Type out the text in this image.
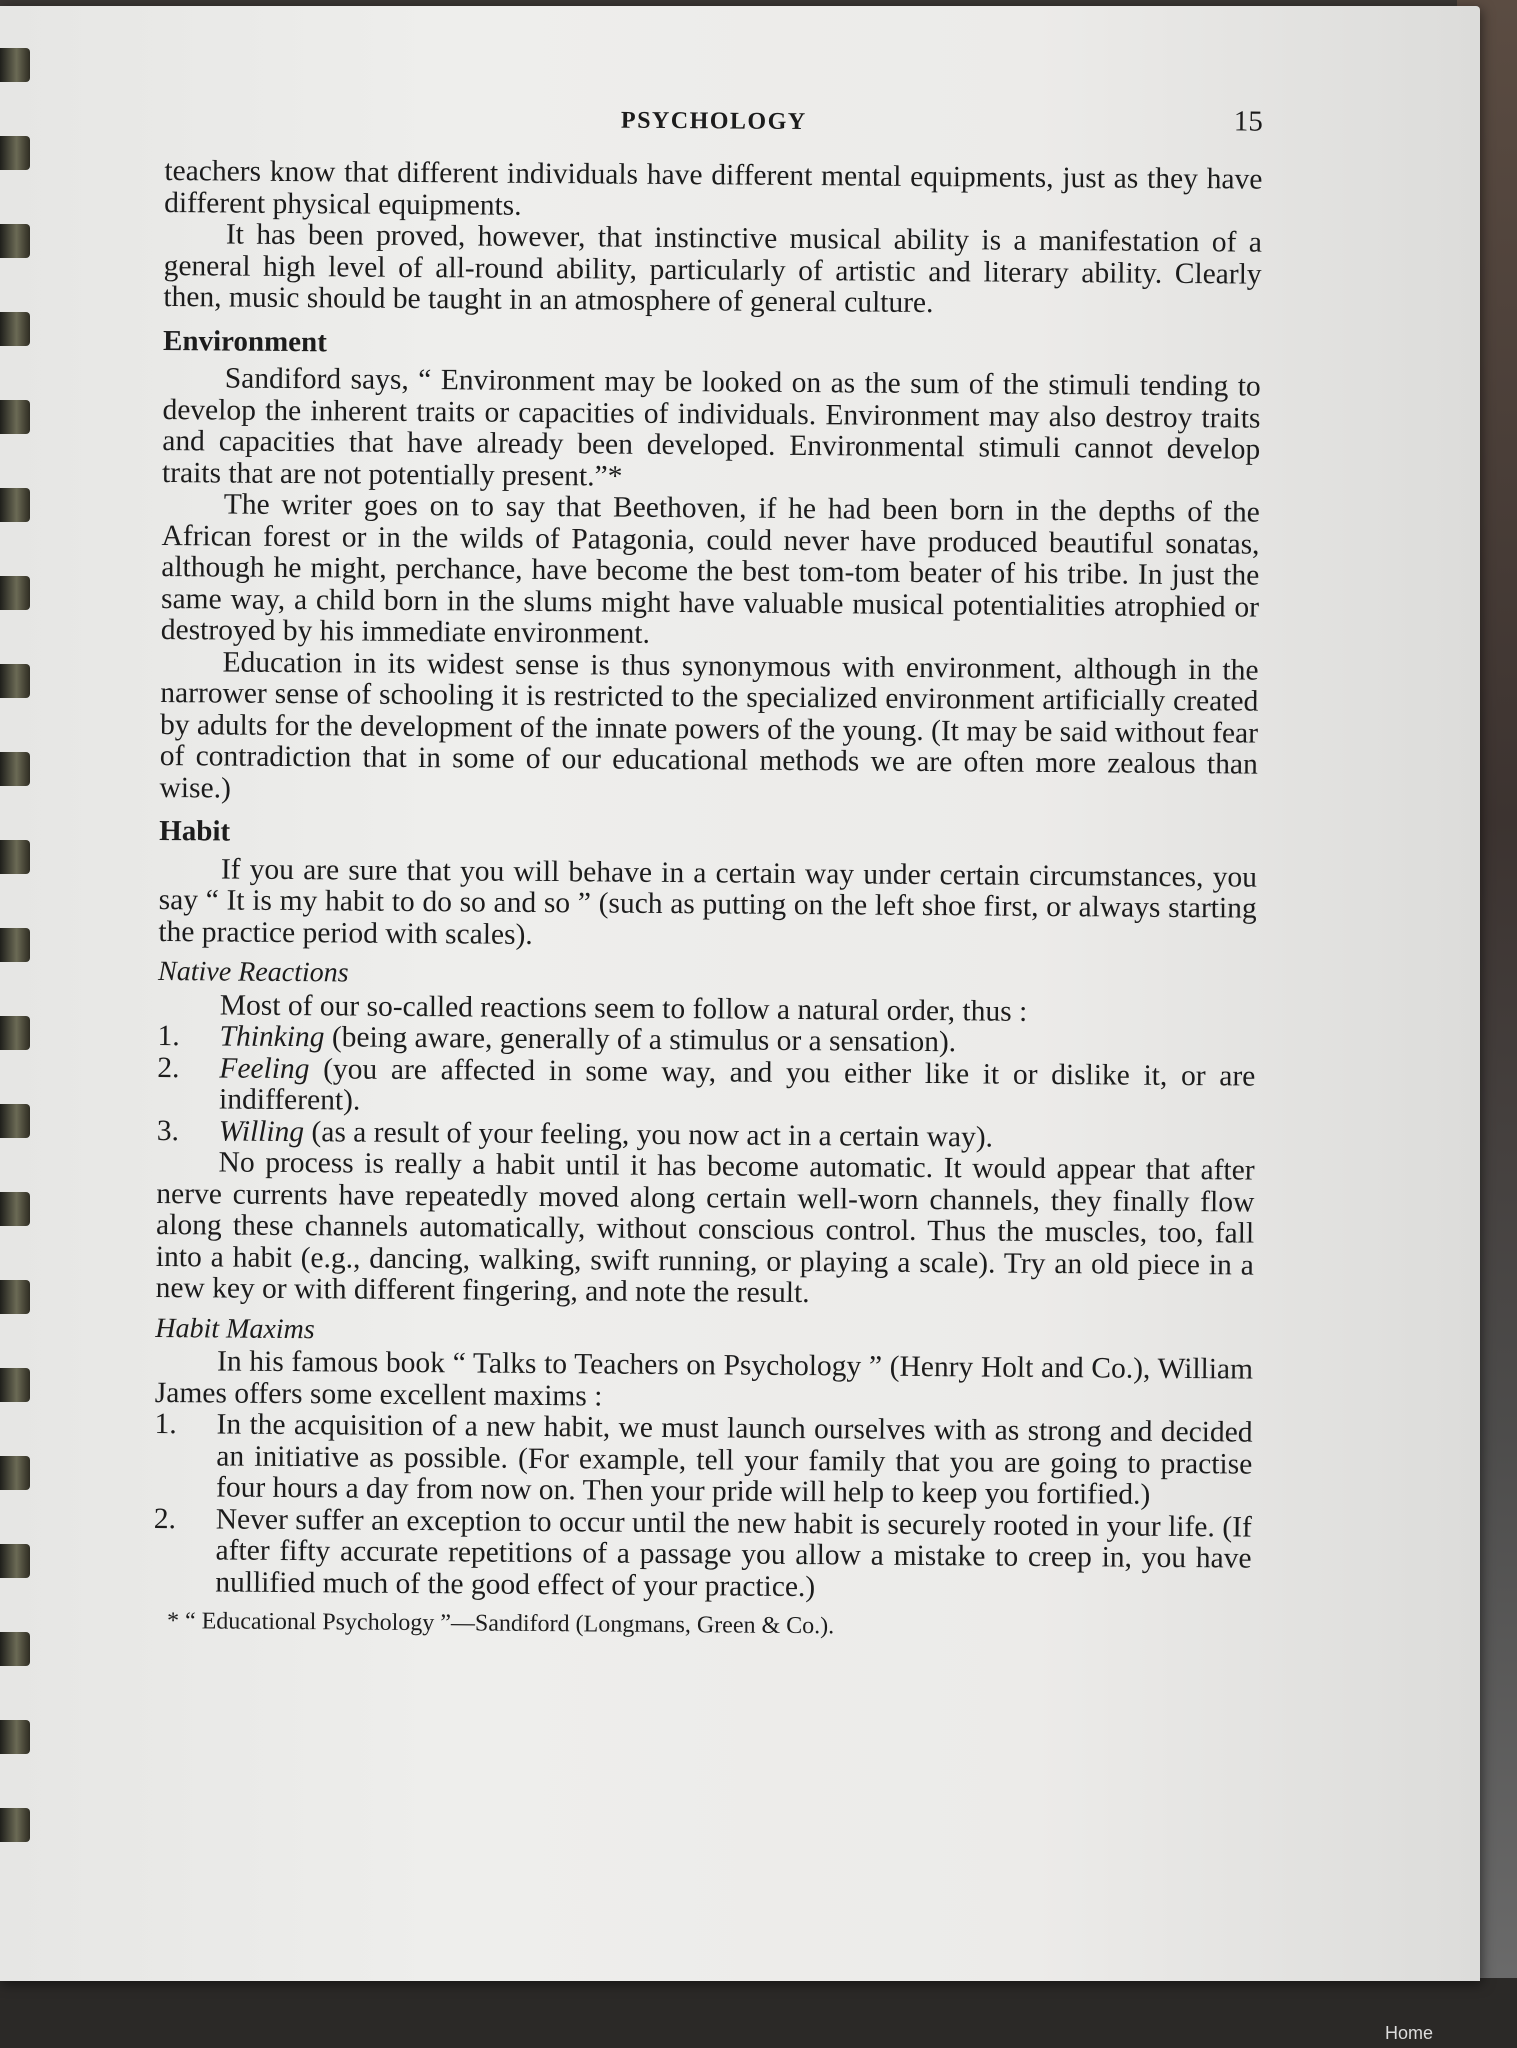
Home
PSYCHOLOGY	15

teachers know that different individuals have different mental equipments, just as they have different physical equipments.

It has been proved, however, that instinctive musical ability is a manifestation of a general high level of all-round ability, particularly of artistic and literary ability. Clearly then, music should be taught in an atmosphere of general culture.

Environment

Sandiford says, “ Environment may be looked on as the sum of the stimuli tending to develop the inherent traits or capacities of individuals. Environment may also destroy traits and capacities that have already been developed. Environmental stimuli cannot develop traits that are not potentially present.”*

The writer goes on to say that Beethoven, if he had been born in the depths of the African forest or in the wilds of Patagonia, could never have produced beautiful sonatas, although he might, perchance, have become the best tom-tom beater of his tribe. In just the same way, a child born in the slums might have valuable musical potentialities atrophied or destroyed by his immediate environment.

Education in its widest sense is thus synonymous with environment, although in the narrower sense of schooling it is restricted to the specialized environment artificially created by adults for the development of the innate powers of the young. (It may be said without fear of contradiction that in some of our educational methods we are often more zealous than wise.)

Habit

If you are sure that you will behave in a certain way under certain circumstances, you say “ It is my habit to do so and so ” (such as putting on the left shoe first, or always starting the practice period with scales).

Native Reactions

Most of our so-called reactions seem to follow a natural order, thus :

1.	Thinking (being aware, generally of a stimulus or a sensation).
2.	Feeling (you are affected in some way, and you either like it or dislike it, or are indifferent).
3.	Willing (as a result of your feeling, you now act in a certain way).

No process is really a habit until it has become automatic. It would appear that after nerve currents have repeatedly moved along certain well-worn channels, they finally flow along these channels automatically, without conscious control. Thus the muscles, too, fall into a habit (e.g., dancing, walking, swift running, or playing a scale). Try an old piece in a new key or with different fingering, and note the result.

Habit Maxims

In his famous book “ Talks to Teachers on Psychology ” (Henry Holt and Co.), William James offers some excellent maxims :

1.	In the acquisition of a new habit, we must launch ourselves with as strong and decided an initiative as possible. (For example, tell your family that you are going to practise four hours a day from now on. Then your pride will help to keep you fortified.)
2.	Never suffer an exception to occur until the new habit is securely rooted in your life. (If after fifty accurate repetitions of a passage you allow a mistake to creep in, you have nullified much of the good effect of your practice.)

* “ Educational Psychology ”—Sandiford (Longmans, Green & Co.).
